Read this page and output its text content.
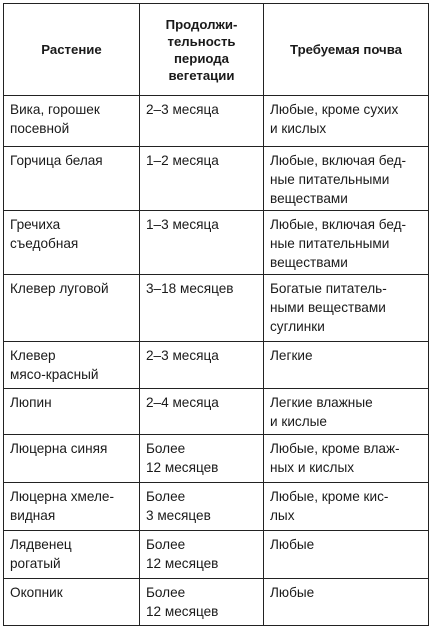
Растение	Продолжи-
тельность
периода
вегетации	Требуемая почва

Вика, горошек
посевной	2–3 месяца	Любые, кроме сухих
и кислых

Горчица белая	1–2 месяца	Любые, включая бед-
ные питательными
веществами

Гречиха
съедобная	1–3 месяца	Любые, включая бед-
ные питательными
веществами

Клевер луговой	3–18 месяцев	Богатые питатель-
ными веществами
суглинки

Клевер
мясо-красный	2–3 месяца	Легкие

Люпин	2–4 месяца	Легкие влажные
и кислые

Люцерна синяя	Более
12 месяцев	Любые, кроме влаж-
ных и кислых

Люцерна хмеле-
видная	Более
3 месяцев	Любые, кроме кис-
лых

Лядвенец
рогатый	Более
12 месяцев	Любые

Окопник	Более
12 месяцев	Любые
